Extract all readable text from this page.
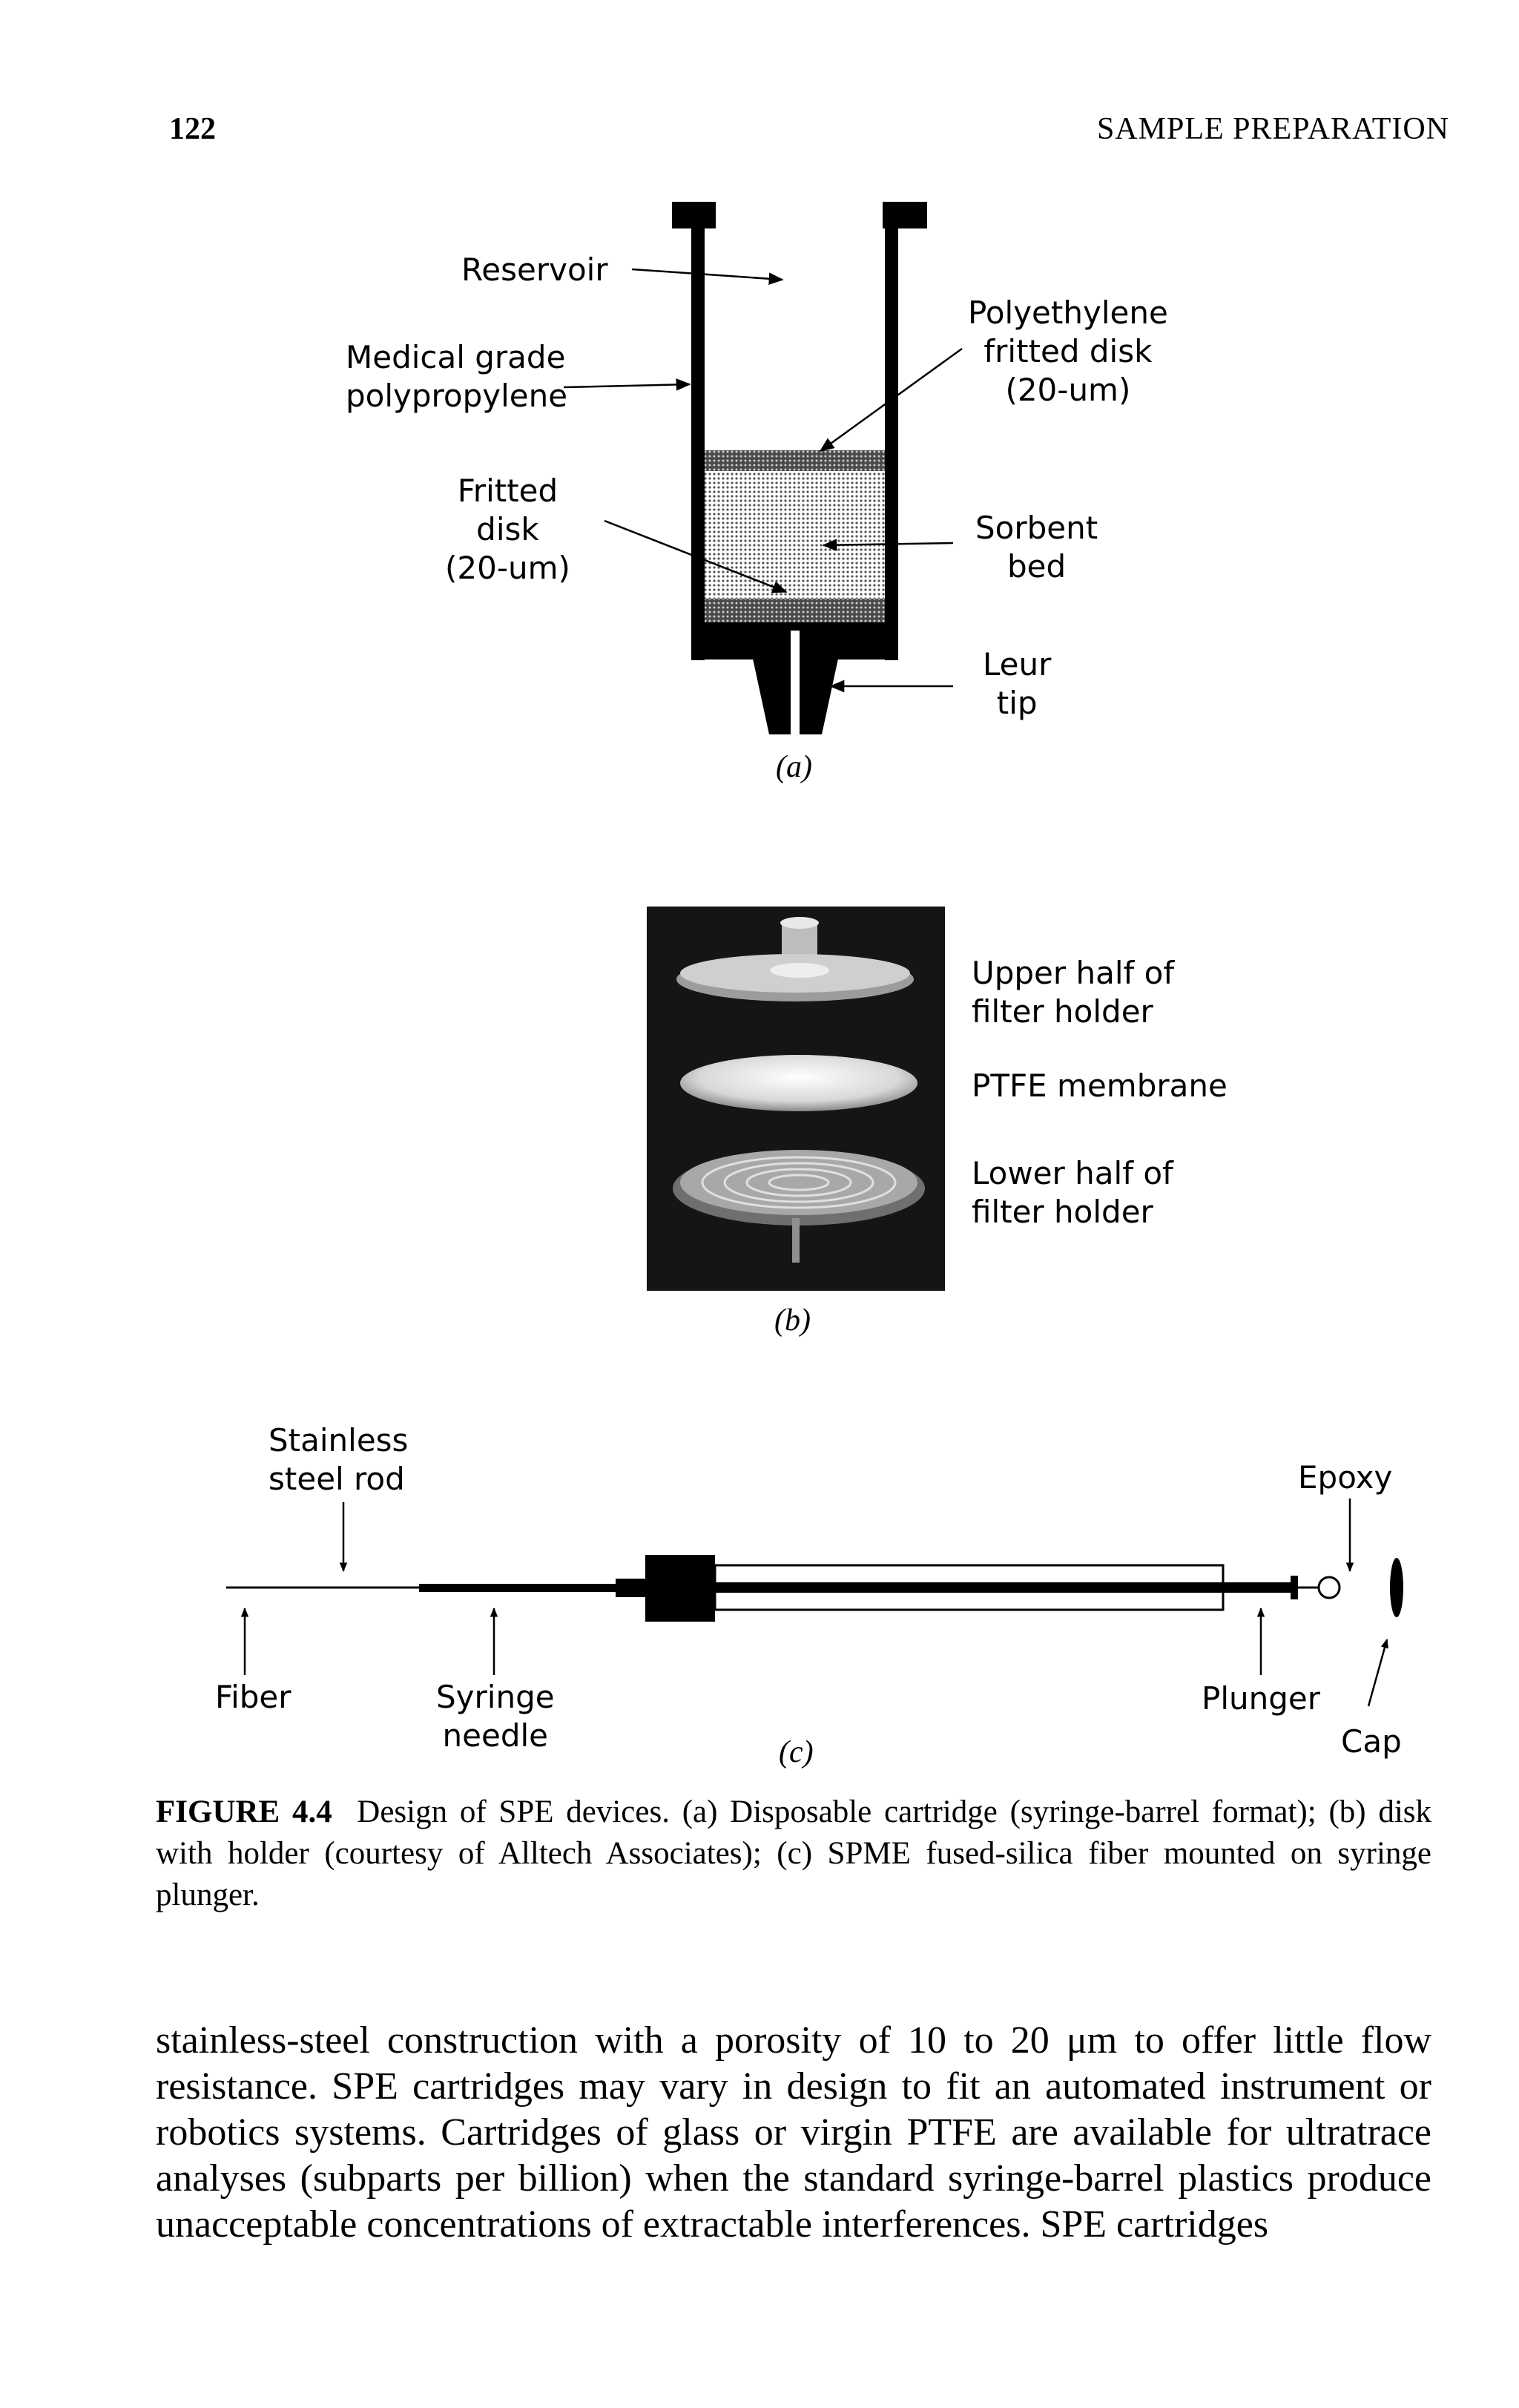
122	SAMPLE PREPARATION
Reservoir
Medical grade
polypropylene
Fritted
disk
(20-um)
Polyethylene
fritted disk
(20-um)
Sorbent
bed
Leur
tip
(a)
Upper half of
filter holder
PTFE membrane
Lower half of
filter holder
(b)
Stainless
steel rod	Epoxy
Fiber	Syringe
needle
Plunger
Cap
(c)
FIGURE 4.4 Design of SPE devices. (a) Disposable cartridge (syringe-barrel format); (b) disk with holder (courtesy of Alltech Associates); (c) SPME fused-silica fiber mounted on syringe plunger.
stainless-steel construction with a porosity of 10 to 20 μm to offer little flow resistance. SPE cartridges may vary in design to fit an automated instrument or robotics systems. Cartridges of glass or virgin PTFE are available for ultratrace analyses (subparts per billion) when the standard syringe-barrel plastics produce unacceptable concentrations of extractable interferences. SPE cartridges
